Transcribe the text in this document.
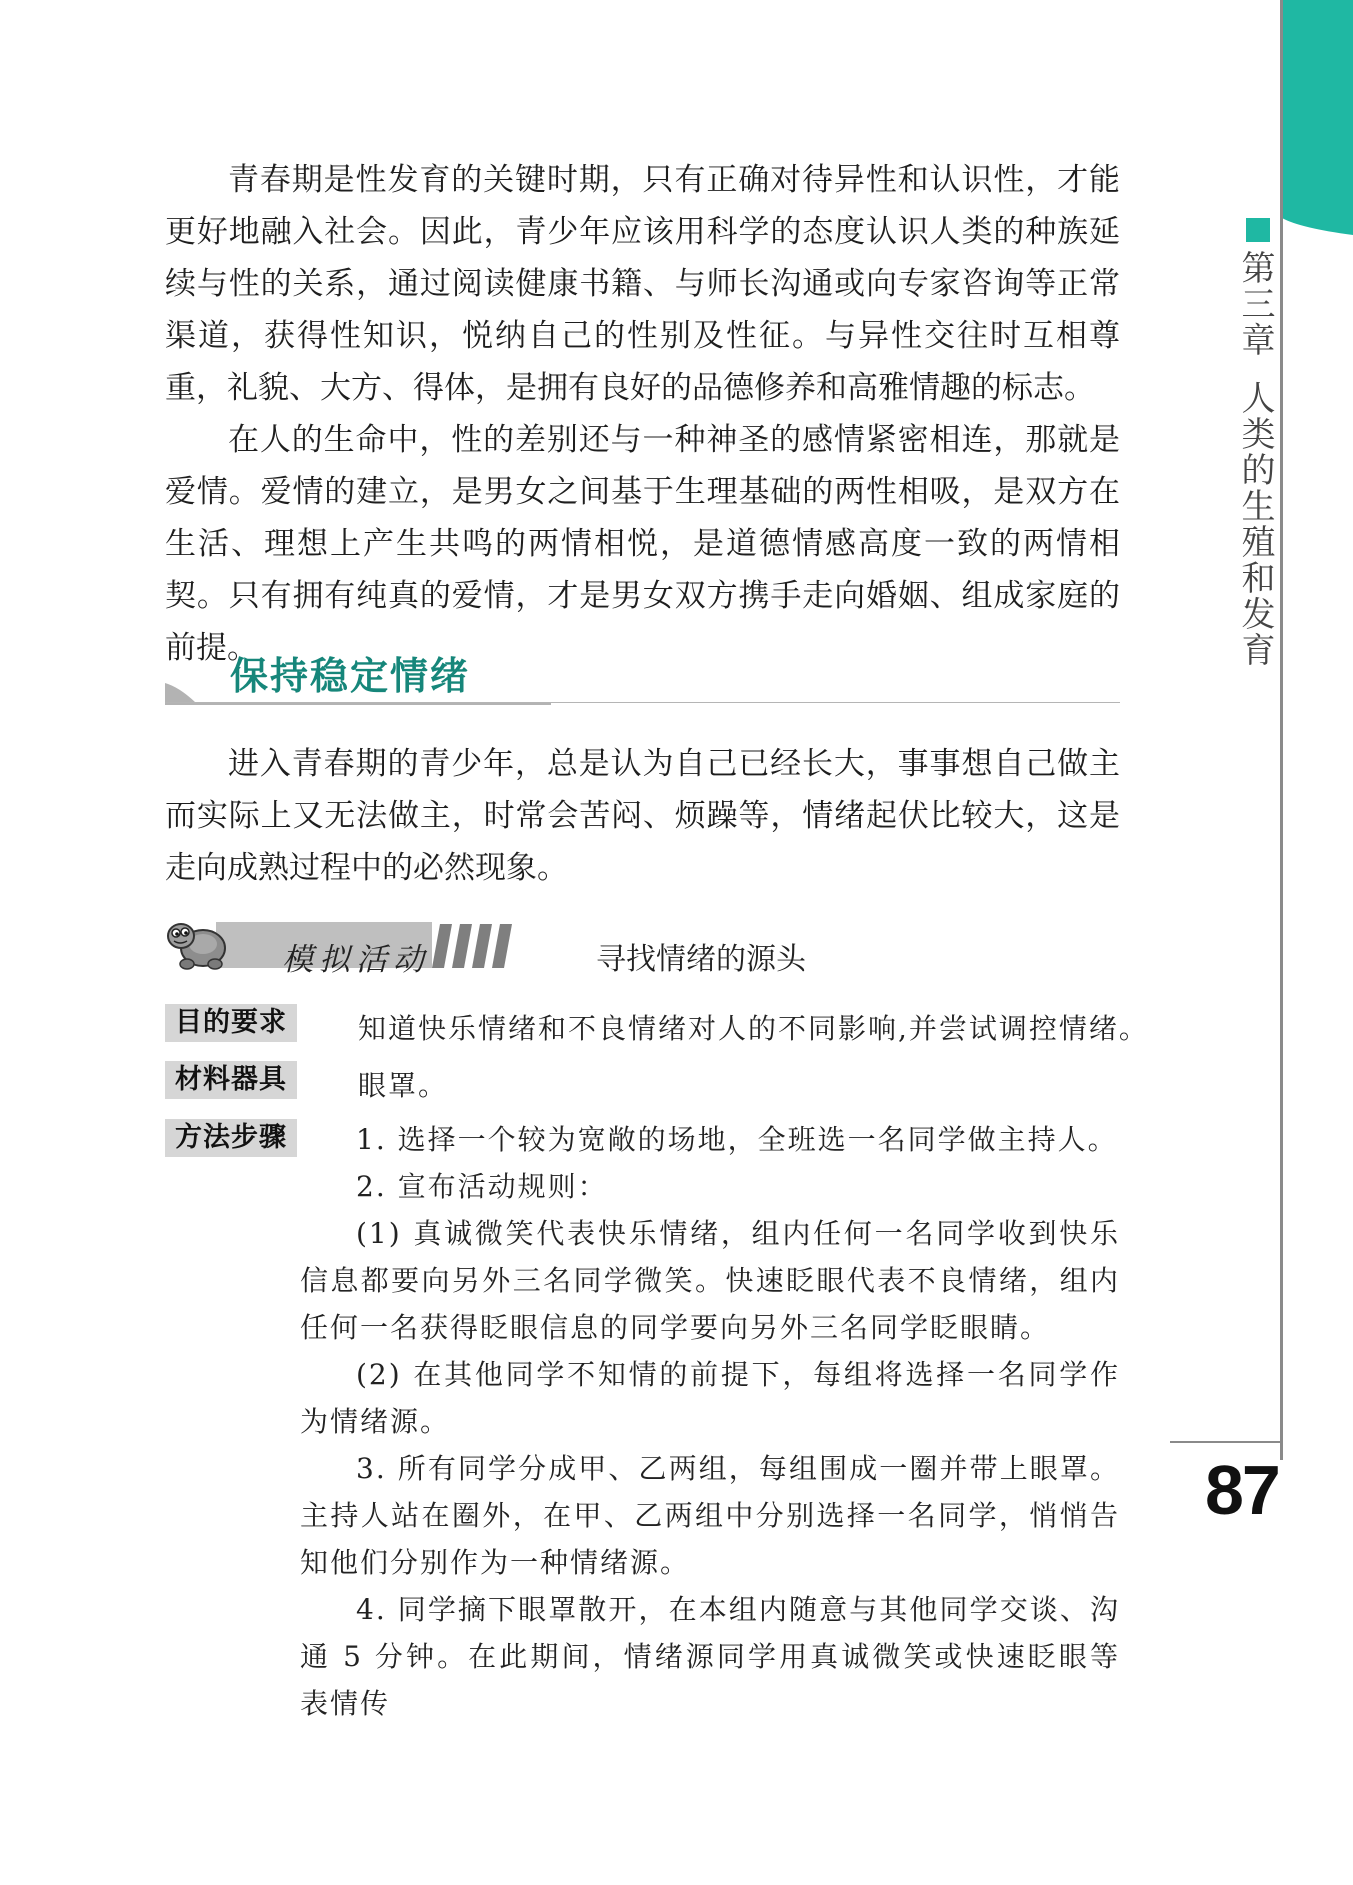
第三章人类的生殖和发育
87

青春期是性发育的关键时期，只有正确对待异性和认识性，才能更好地融入社会。因此，青少年应该用科学的态度认识人类的种族延续与性的关系，通过阅读健康书籍、与师长沟通或向专家咨询等正常渠道，获得性知识，悦纳自己的性别及性征。与异性交往时互相尊重，礼貌、大方、得体，是拥有良好的品德修养和高雅情趣的标志。

在人的生命中，性的差别还与一种神圣的感情紧密相连，那就是爱情。爱情的建立，是男女之间基于生理基础的两性相吸，是双方在生活、理想上产生共鸣的两情相悦，是道德情感高度一致的两情相契。只有拥有纯真的爱情，才是男女双方携手走向婚姻、组成家庭的前提。

保持稳定情绪

进入青春期的青少年，总是认为自己已经长大，事事想自己做主而实际上又无法做主，时常会苦闷、烦躁等，情绪起伏比较大，这是走向成熟过程中的必然现象。

模拟活动	寻找情绪的源头
目的要求	知道快乐情绪和不良情绪对人的不同影响,并尝试调控情绪。
材料器具	眼罩。
方法步骤	1. 选择一个较为宽敞的场地，全班选一名同学做主持人。

2. 宣布活动规则：

(1) 真诚微笑代表快乐情绪，组内任何一名同学收到快乐信息都要向另外三名同学微笑。快速眨眼代表不良情绪，组内任何一名获得眨眼信息的同学要向另外三名同学眨眼睛。

(2) 在其他同学不知情的前提下，每组将选择一名同学作为情绪源。

3. 所有同学分成甲、乙两组，每组围成一圈并带上眼罩。主持人站在圈外，在甲、乙两组中分别选择一名同学，悄悄告知他们分别作为一种情绪源。

4. 同学摘下眼罩散开，在本组内随意与其他同学交谈、沟通 5 分钟。在此期间，情绪源同学用真诚微笑或快速眨眼等表情传
